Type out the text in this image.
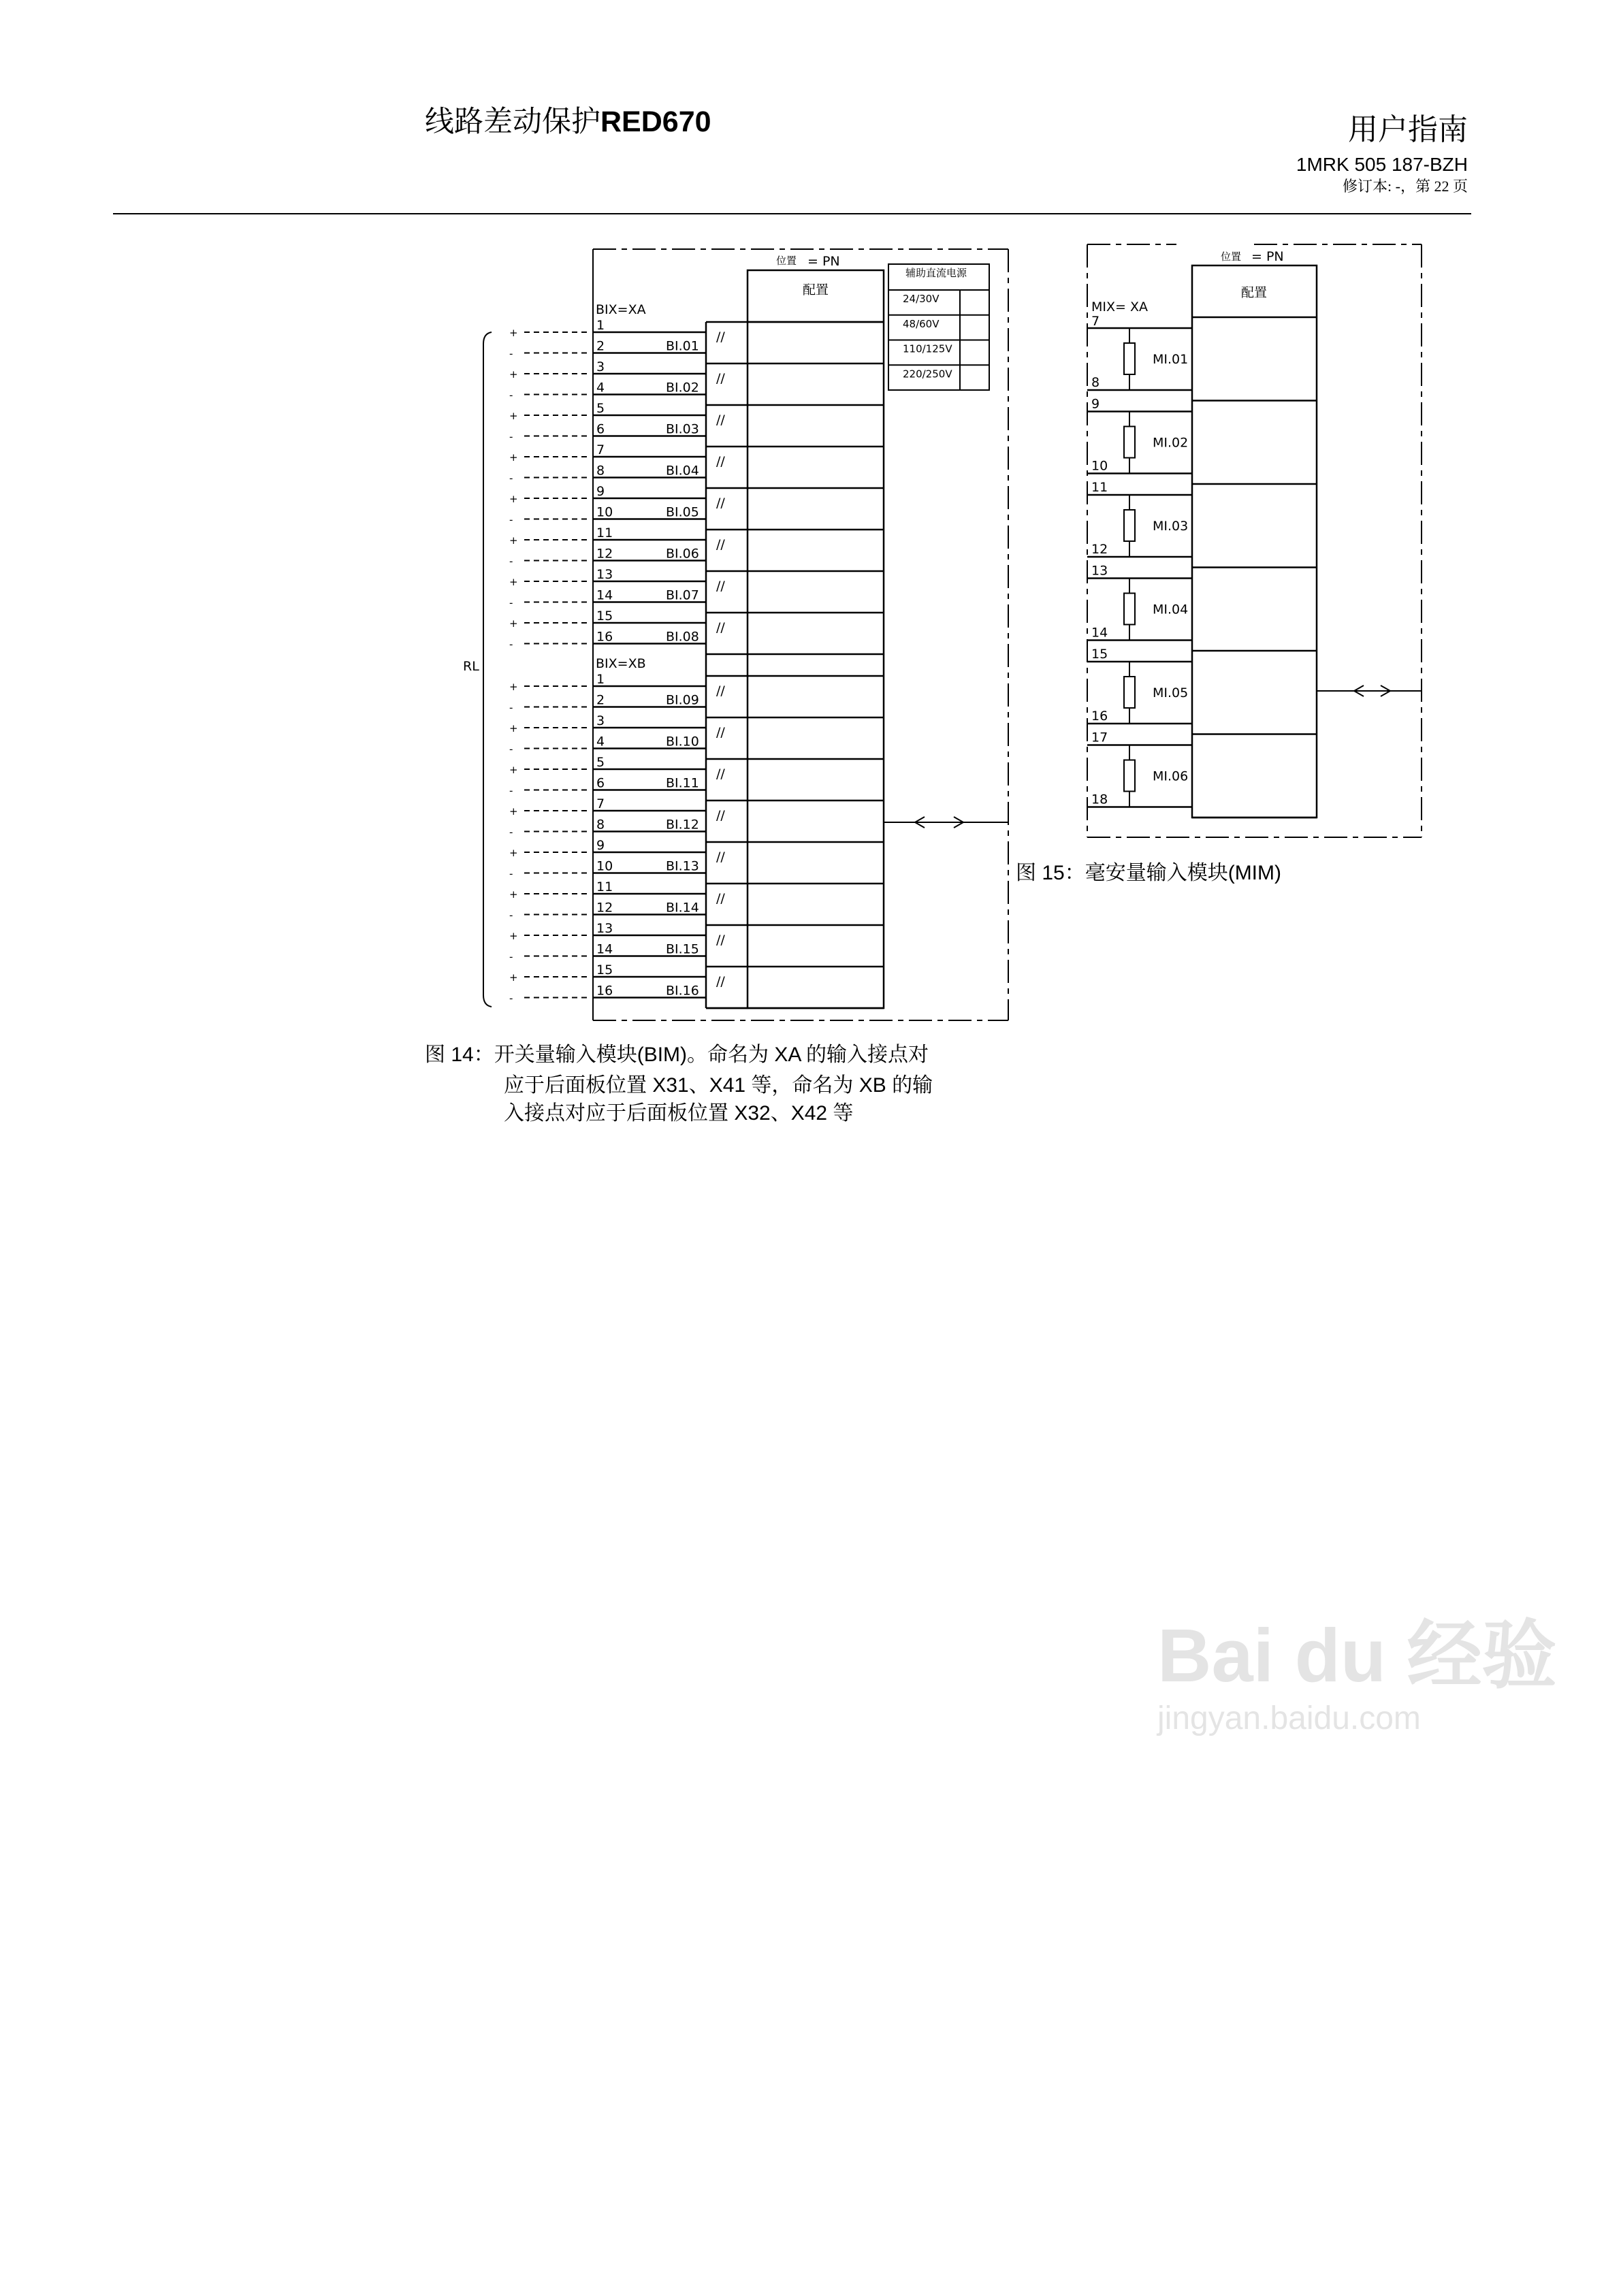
线路差动保护RED670	用户指南
1MRK 505 187-BZH
修订本: -，第 22 页
位置 = PN
配置
辅助直流电源
RL
24/30V
48/60V
110/125V
220/250V
BIX=XA
//
//
//
//
//
//
//
//
1
+
2
-	BI.01
3
+
4
-	BI.02
5
+
6
-	BI.03
7
+
8
-	BI.04
9
+
10
-	BI.05
11
+
12
-	BI.06
13
+
14
-	BI.07
15
+
16
-	BI.08
BIX=XB
//
//
//
//
//
//
//
//
1
+
2
-	BI.09
3
+
4
-	BI.10
5
+
6
-	BI.11
7
+
8
-	BI.12
9
+
10
-	BI.13
11
+
12
-	BI.14
13
+
14
-	BI.15
15
+
16
-	BI.16
位置 = PN
配置
MIX= XA
7
MI.01
8
9
MI.02
10
11
MI.03
12
13
MI.04
14
15
MI.05
16
17
MI.06
18
图 14：开关量输入模块(BIM)。命名为 XA 的输入接点对
应于后面板位置 X31、X41 等，命名为 XB 的输
入接点对应于后面板位置 X32、X42 等
图 15：毫安量输入模块(MIM)
Bai du 经验
jingyan.baidu.com
